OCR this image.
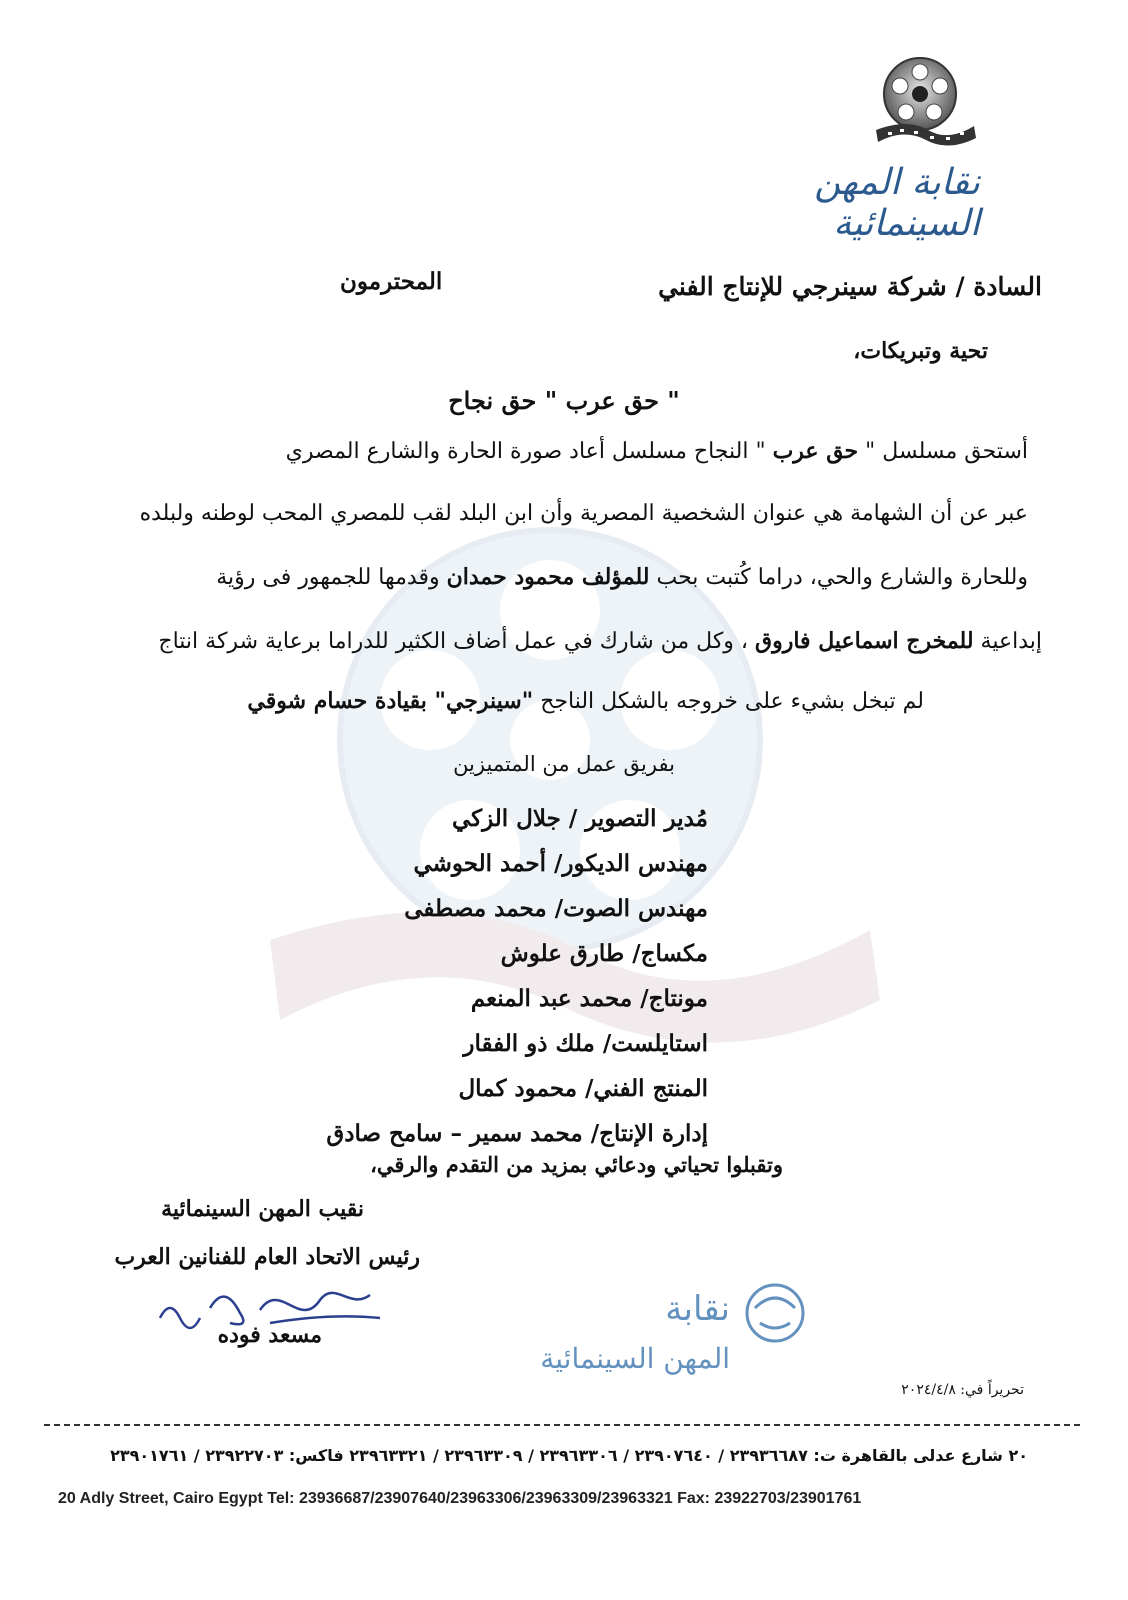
نقابة المهن السينمائية
السادة / شركة سينرجي للإنتاج الفني
المحترمون
تحية وتبريكات،
" حق عرب " حق نجاح
أستحق مسلسل " حق عرب " النجاح مسلسل أعاد صورة الحارة والشارع المصري
عبر عن أن الشهامة هي عنوان الشخصية المصرية وأن ابن البلد لقب للمصري المحب لوطنه ولبلده
وللحارة والشارع والحي، دراما كُتبت بحب للمؤلف محمود حمدان وقدمها للجمهور فى رؤية
إبداعية للمخرج اسماعيل فاروق ، وكل من شارك في عمل أضاف الكثير للدراما برعاية شركة انتاج
لم تبخل بشيء على خروجه بالشكل الناجح "سينرجي" بقيادة حسام شوقي
بفريق عمل من المتميزين
مُدير التصوير / جلال الزكي
مهندس الديكور/ أحمد الحوشي
مهندس الصوت/ محمد مصطفى
مكساج/ طارق علوش
مونتاج/ محمد عبد المنعم
استايلست/ ملك ذو الفقار
المنتج الفني/ محمود كمال
إدارة الإنتاج/ محمد سمير – سامح صادق
وتقبلوا تحياتي ودعائي بمزيد من التقدم والرقي،
نقيب المهن السينمائية
رئيس الاتحاد العام للفنانين العرب
مسعد فوده
نقابة
المهن السينمائية
تحريراً في: ٢٠٢٤/٤/٨
٢٠ شارع عدلى بالقاهرة ت: ٢٣٩٣٦٦٨٧ / ٢٣٩٠٧٦٤٠ / ٢٣٩٦٣٣٠٦ / ٢٣٩٦٣٣٠٩ / ٢٣٩٦٣٣٢١ فاكس: ٢٣٩٢٢٧٠٣ / ٢٣٩٠١٧٦١
20 Adly Street, Cairo Egypt Tel: 23936687/23907640/23963306/23963309/23963321 Fax: 23922703/23901761
